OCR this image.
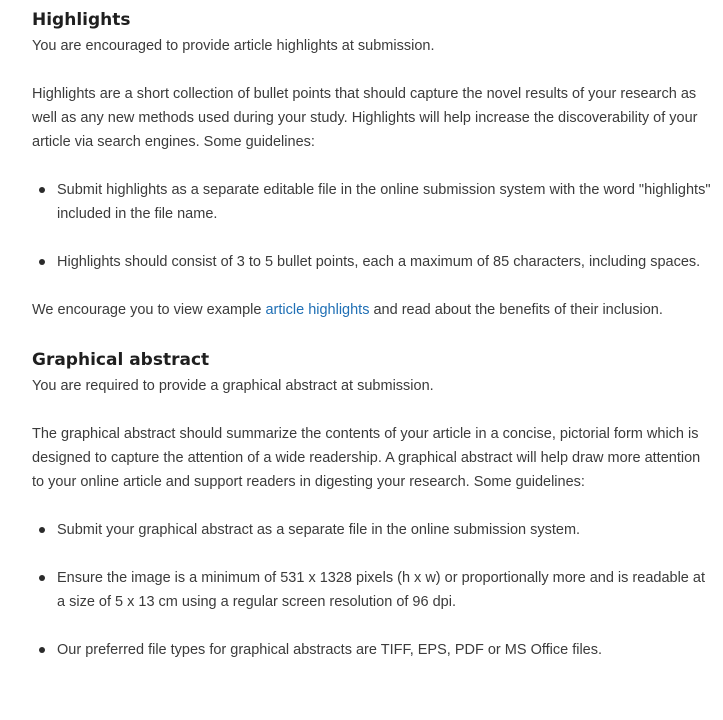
Highlights

You are encouraged to provide article highlights at submission.

Highlights are a short collection of bullet points that should capture the novel results of your research as well as any new methods used during your study. Highlights will help increase the discoverability of your article via search engines. Some guidelines:

Submit highlights as a separate editable file in the online submission system with the word "highlights" included in the file name.
Highlights should consist of 3 to 5 bullet points, each a maximum of 85 characters, including spaces.

We encourage you to view example article highlights and read about the benefits of their inclusion.

Graphical abstract

You are required to provide a graphical abstract at submission.

The graphical abstract should summarize the contents of your article in a concise, pictorial form which is designed to capture the attention of a wide readership. A graphical abstract will help draw more attention to your online article and support readers in digesting your research. Some guidelines:

Submit your graphical abstract as a separate file in the online submission system.
Ensure the image is a minimum of 531 x 1328 pixels (h x w) or proportionally more and is readable at a size of 5 x 13 cm using a regular screen resolution of 96 dpi.
Our preferred file types for graphical abstracts are TIFF, EPS, PDF or MS Office files.
